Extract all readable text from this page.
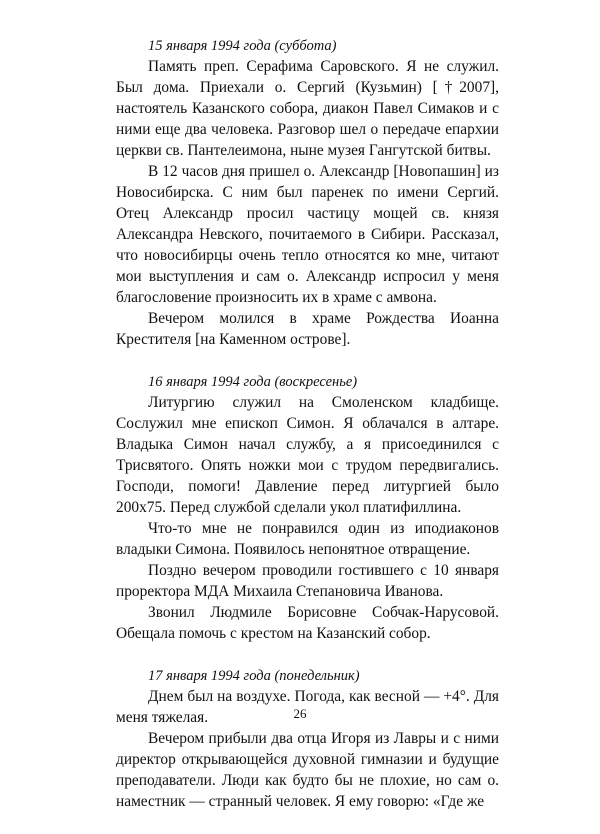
15 января 1994 года (суббота)

Память преп. Серафима Саровского. Я не служил. Был дома. Приехали о. Сергий (Кузьмин) [†2007], настоятель Казанского собора, диакон Павел Симаков и с ними еще два человека. Разговор шел о передаче епархии церкви св. Пантелеимона, ныне музея Гангутской битвы.

В 12 часов дня пришел о. Александр [Новопашин] из Новосибирска. С ним был паренек по имени Сергий. Отец Александр просил частицу мощей св. князя Александра Невского, почитаемого в Сибири. Рассказал, что новосибирцы очень тепло относятся ко мне, читают мои выступления и сам о. Александр испросил у меня благословение произносить их в храме с амвона.

Вечером молился в храме Рождества Иоанна Крестителя [на Каменном острове].

16 января 1994 года (воскресенье)

Литургию служил на Смоленском кладбище. Сослужил мне епископ Симон. Я облачался в алтаре. Владыка Симон начал службу, а я присоединился с Трисвятого. Опять ножки мои с трудом передвигались. Господи, помоги! Давление перед литургией было 200х75. Перед службой сделали укол платифиллина.

Что-то мне не понравился один из иподиаконов владыки Симона. Появилось непонятное отвращение.

Поздно вечером проводили гостившего с 10 января проректора МДА Михаила Степановича Иванова.

Звонил Людмиле Борисовне Собчак-Нарусовой. Обещала помочь с крестом на Казанский собор.

17 января 1994 года (понедельник)

Днем был на воздухе. Погода, как весной — +4°. Для меня тяжелая.

Вечером прибыли два отца Игоря из Лавры и с ними директор открывающейся духовной гимназии и будущие преподаватели. Люди как будто бы не плохие, но сам о. наместник — странный человек. Я ему говорю: «Где же

26
